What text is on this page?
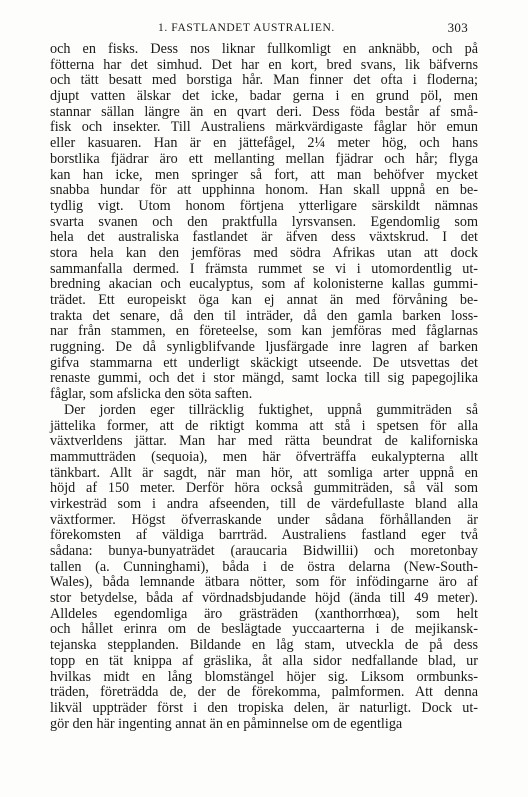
1. FASTLANDET AUSTRALIEN.	303
och en fisks. Dess nos liknar fullkomligt en anknäbb, och på
fötterna har det simhud. Det har en kort, bred svans, lik bäfverns
och tätt besatt med borstiga hår. Man finner det ofta i floderna;
djupt vatten älskar det icke, badar gerna i en grund pöl, men
stannar sällan längre än en qvart deri. Dess föda består af små-
fisk och insekter. Till Australiens märkvärdigaste fåglar hör emun
eller kasuaren. Han är en jättefågel, 2¼ meter hög, och hans
borstlika fjädrar äro ett mellanting mellan fjädrar och hår; flyga
kan han icke, men springer så fort, att man behöfver mycket
snabba hundar för att upphinna honom. Han skall uppnå en be-
tydlig vigt. Utom honom förtjena ytterligare särskildt nämnas
svarta svanen och den praktfulla lyrsvansen. Egendomlig som
hela det australiska fastlandet är äfven dess växtskrud. I det
stora hela kan den jemföras med södra Afrikas utan att dock
sammanfalla dermed. I främsta rummet se vi i utomordentlig ut-
bredning akacian och eucalyptus, som af kolonisterne kallas gummi-
trädet. Ett europeiskt öga kan ej annat än med förvåning be-
trakta det senare, då den til inträder, då den gamla barken loss-
nar från stammen, en företeelse, som kan jemföras med fåglarnas
ruggning. De då synligblifvande ljusfärgade inre lagren af barken
gifva stammarna ett underligt skäckigt utseende. De utsvettas det
renaste gummi, och det i stor mängd, samt locka till sig papegojlika
fåglar, som afslicka den söta saften.
Der jorden eger tillräcklig fuktighet, uppnå gummiträden så
jättelika former, att de riktigt komma att stå i spetsen för alla
växtverldens jättar. Man har med rätta beundrat de kaliforniska
mammutträden (sequoia), men här öfverträffa eukalypterna allt
tänkbart. Allt är sagdt, när man hör, att somliga arter uppnå en
höjd af 150 meter. Derför höra också gummiträden, så väl som
virkesträd som i andra afseenden, till de värdefullaste bland alla
växtformer. Högst öfverraskande under sådana förhållanden är
förekomsten af väldiga barrträd. Australiens fastland eger två
sådana: bunya-bunyaträdet (araucaria Bidwillii) och moretonbay
tallen (a. Cunninghami), båda i de östra delarna (New-South-
Wales), båda lemnande ätbara nötter, som för infödingarne äro af
stor betydelse, båda af vördnadsbjudande höjd (ända till 49 meter).
Alldeles egendomliga äro grästräden (xanthorrhœa), som helt
och hållet erinra om de beslägtade yuccaarterna i de mejikansk-
tejanska stepplanden. Bildande en låg stam, utveckla de på dess
topp en tät knippa af gräslika, åt alla sidor nedfallande blad, ur
hvilkas midt en lång blomstängel höjer sig. Liksom ormbunks-
träden, företrädda de, der de förekomma, palmformen. Att denna
likväl uppträder först i den tropiska delen, är naturligt. Dock ut-
gör den här ingenting annat än en påminnelse om de egentliga
